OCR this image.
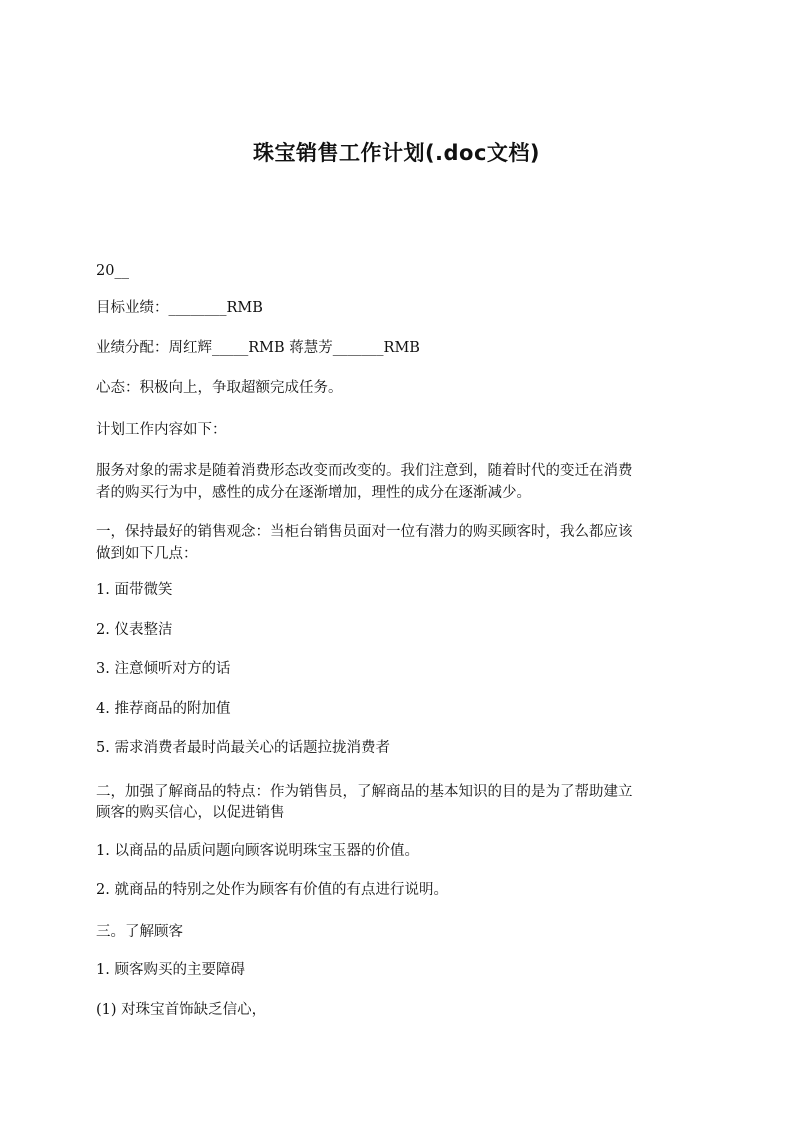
珠宝销售工作计划(.doc文档)
20__
目标业绩：________RMB
业绩分配：周红辉_____RMB 蒋慧芳_______RMB
心态：积极向上，争取超额完成任务。
计划工作内容如下：
服务对象的需求是随着消费形态改变而改变的。我们注意到，随着时代的变迁在消费
者的购买行为中，感性的成分在逐渐增加，理性的成分在逐渐减少。
一，保持最好的销售观念：当柜台销售员面对一位有潜力的购买顾客时，我么都应该
做到如下几点：
1. 面带微笑
2. 仪表整洁
3. 注意倾听对方的话
4. 推荐商品的附加值
5. 需求消费者最时尚最关心的话题拉拢消费者
二，加强了解商品的特点：作为销售员，了解商品的基本知识的目的是为了帮助建立
顾客的购买信心，以促进销售
1. 以商品的品质问题向顾客说明珠宝玉器的价值。
2. 就商品的特别之处作为顾客有价值的有点进行说明。
三。了解顾客
1. 顾客购买的主要障碍
(1) 对珠宝首饰缺乏信心，
